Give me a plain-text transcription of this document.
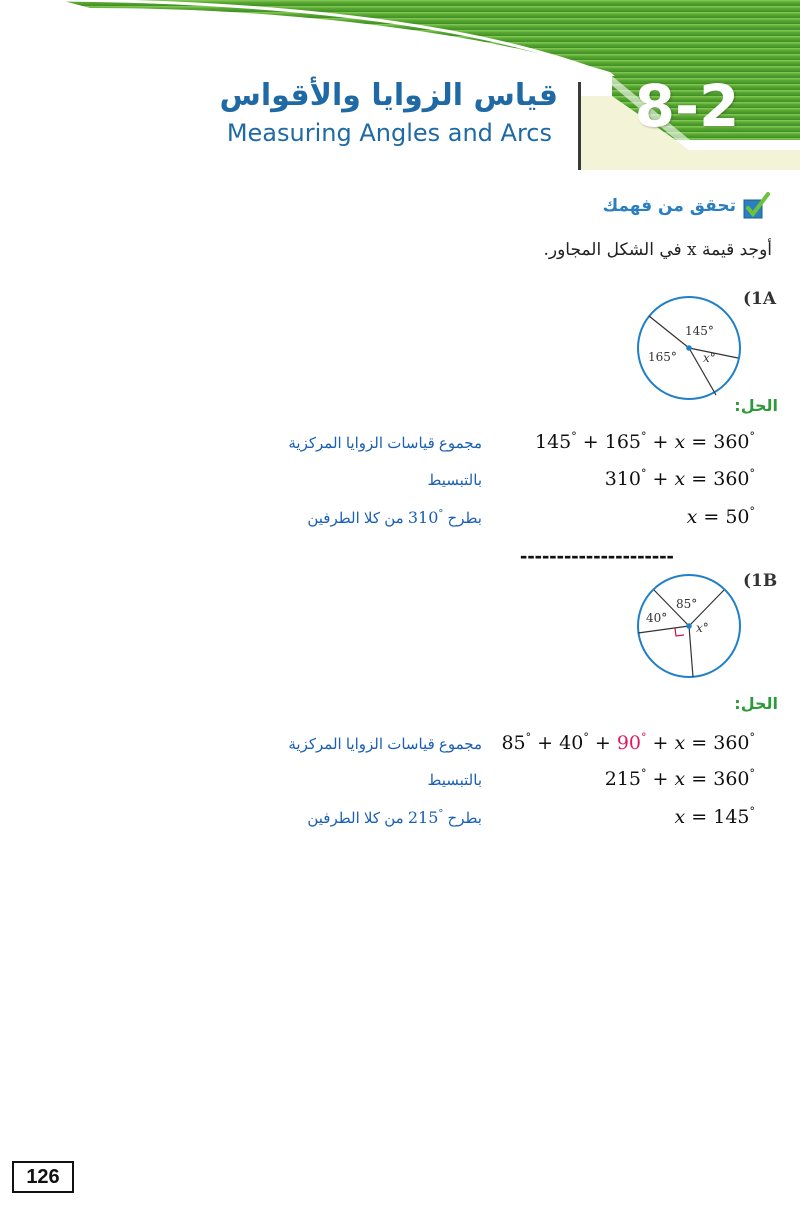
8-2
قياس الزوايا والأقواس
Measuring Angles and Arcs
تحقق من فهمك
أوجد قيمة x في الشكل المجاور.
(1A
145°
165° x°
الحل:
145° + 165° + x = 360°
مجموع قياسات الزوايا المركزية
310° + x = 360°
بالتبسيط
x = 50°
بطرح °310 من كلا الطرفين
---------------------
(1B
40°
85°
x°
الحل:
85° + 40° + 90° + x = 360°
مجموع قياسات الزوايا المركزية
215° + x = 360°
بالتبسيط
x = 145°
بطرح °215 من كلا الطرفين
126
